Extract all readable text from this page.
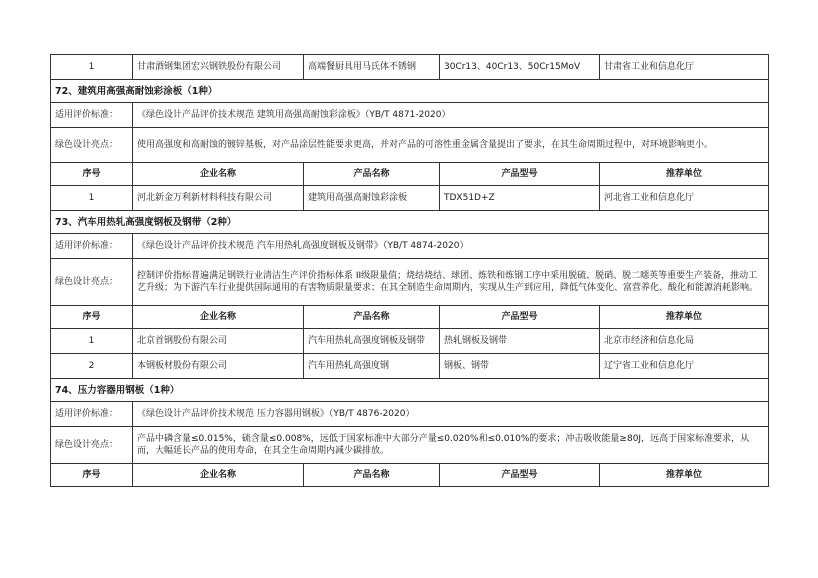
1	甘肃酒钢集团宏兴钢铁股份有限公司	高端餐厨具用马氏体不锈钢	30Cr13、40Cr13、50Cr15MoV	甘肃省工业和信息化厅
72、建筑用高强高耐蚀彩涂板（1种）				
适用评价标准：	《绿色设计产品评价技术规范 建筑用高强高耐蚀彩涂板》（YB/T 4871-2020）			
绿色设计亮点：	使用高强度和高耐蚀的镀锌基板，对产品涂层性能要求更高，并对产品的可溶性重金属含量提出了要求，在其生命周期过程中，对环境影响更小。			
序号	企业名称	产品名称	产品型号	推荐单位
1	河北新金万利新材料科技有限公司	建筑用高强高耐蚀彩涂板	TDX51D+Z	河北省工业和信息化厅
73、汽车用热轧高强度钢板及钢带（2种）				
适用评价标准：	《绿色设计产品评价技术规范 汽车用热轧高强度钢板及钢带》（YB/T 4874-2020）			
绿色设计亮点：	控制评价指标普遍满足钢铁行业清洁生产评价指标体系 II级限量值；烧结烧结、球团、炼铁和炼钢工序中采用脱硫、脱硝、脱二噁英等重要生产装备，推动工艺升级；为下游汽车行业提供国际通用的有害物质限量要求；在其全制造生命周期内，实现从生产到应用，降低气体变化、富营养化、酸化和能源消耗影响。			
序号	企业名称	产品名称	产品型号	推荐单位
1	北京首钢股份有限公司	汽车用热轧高强度钢板及钢带	热轧钢板及钢带	北京市经济和信息化局
2	本钢板材股份有限公司	汽车用热轧高强度钢	钢板、钢带	辽宁省工业和信息化厅
74、压力容器用钢板（1种）				
适用评价标准：	《绿色设计产品评价技术规范 压力容器用钢板》（YB/T 4876-2020）			
绿色设计亮点：	产品中磷含量≤0.015%，硫含量≤0.008%，远低于国家标准中大部分产量≤0.020%和≤0.010%的要求；冲击吸收能量≥80J，远高于国家标准要求，从而，大幅延长产品的使用寿命，在其全生命周期内减少碳排放。			
序号	企业名称	产品名称	产品型号	推荐单位
